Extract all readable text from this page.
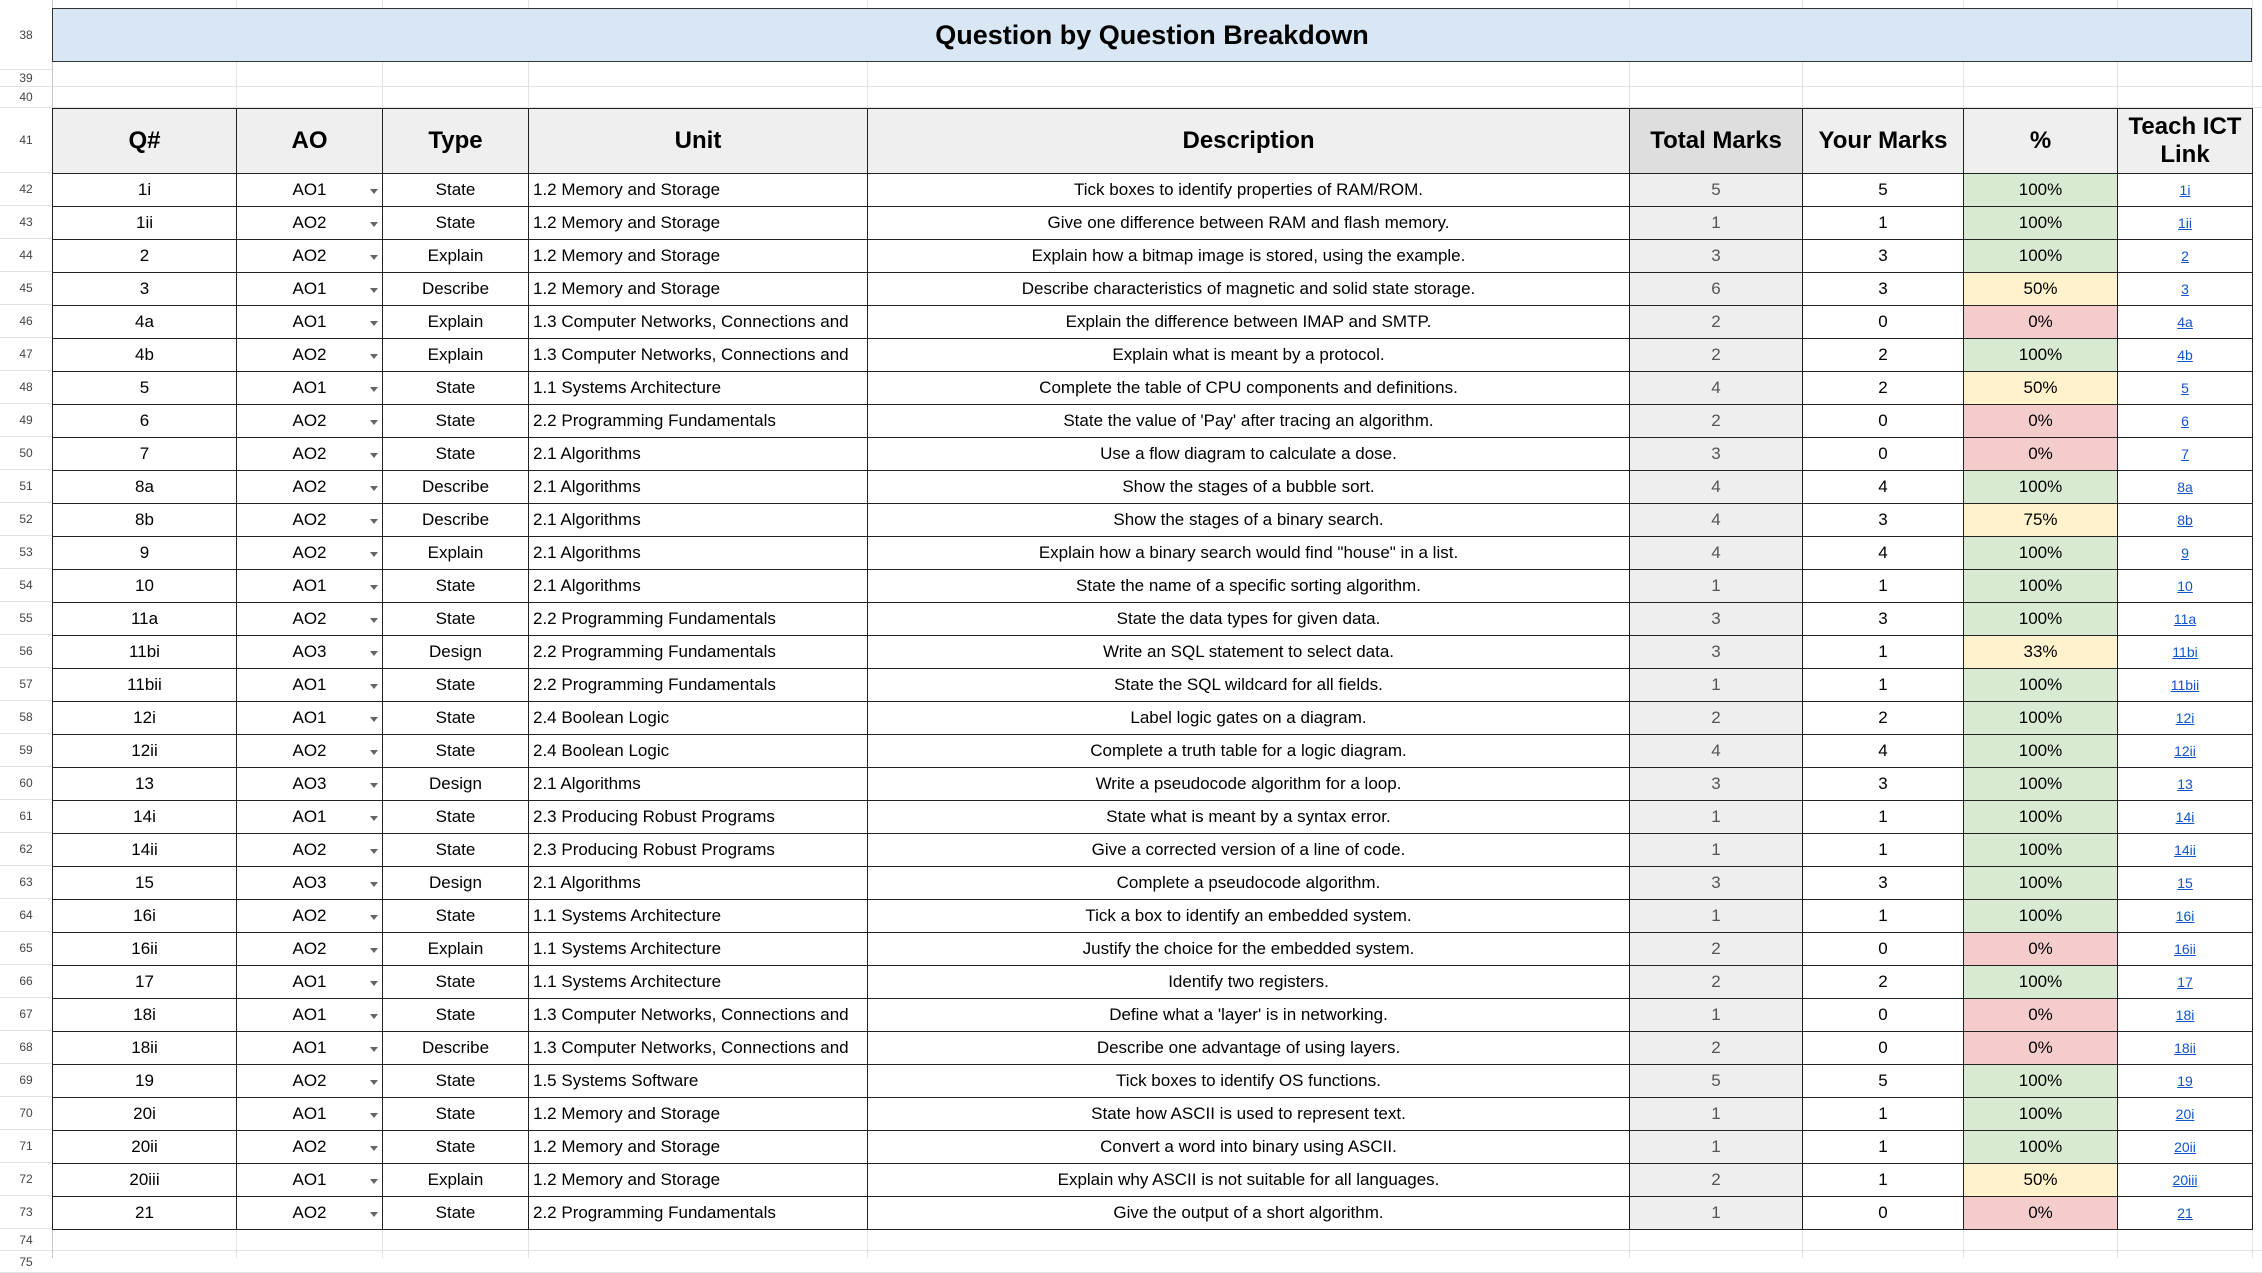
38
39
40
41
42
43
44
45
46
47
48
49
50
51
52
53
54
55
56
57
58
59
60
61
62
63
64
65
66
67
68
69
70
71
72
73
74
75
Question by Question Breakdown
Q#	AO	Type	Unit	Description	Total Marks	Your Marks	%	Teach ICT Link
1i	AO1	State	1.2 Memory and Storage	Tick boxes to identify properties of RAM/ROM.	5	5	100%	1i
1ii	AO2	State	1.2 Memory and Storage	Give one difference between RAM and flash memory.	1	1	100%	1ii
2	AO2	Explain	1.2 Memory and Storage	Explain how a bitmap image is stored, using the example.	3	3	100%	2
3	AO1	Describe	1.2 Memory and Storage	Describe characteristics of magnetic and solid state storage.	6	3	50%	3
4a	AO1	Explain	1.3 Computer Networks, Connections and	Explain the difference between IMAP and SMTP.	2	0	0%	4a
4b	AO2	Explain	1.3 Computer Networks, Connections and	Explain what is meant by a protocol.	2	2	100%	4b
5	AO1	State	1.1 Systems Architecture	Complete the table of CPU components and definitions.	4	2	50%	5
6	AO2	State	2.2 Programming Fundamentals	State the value of 'Pay' after tracing an algorithm.	2	0	0%	6
7	AO2	State	2.1 Algorithms	Use a flow diagram to calculate a dose.	3	0	0%	7
8a	AO2	Describe	2.1 Algorithms	Show the stages of a bubble sort.	4	4	100%	8a
8b	AO2	Describe	2.1 Algorithms	Show the stages of a binary search.	4	3	75%	8b
9	AO2	Explain	2.1 Algorithms	Explain how a binary search would find "house" in a list.	4	4	100%	9
10	AO1	State	2.1 Algorithms	State the name of a specific sorting algorithm.	1	1	100%	10
11a	AO2	State	2.2 Programming Fundamentals	State the data types for given data.	3	3	100%	11a
11bi	AO3	Design	2.2 Programming Fundamentals	Write an SQL statement to select data.	3	1	33%	11bi
11bii	AO1	State	2.2 Programming Fundamentals	State the SQL wildcard for all fields.	1	1	100%	11bii
12i	AO1	State	2.4 Boolean Logic	Label logic gates on a diagram.	2	2	100%	12i
12ii	AO2	State	2.4 Boolean Logic	Complete a truth table for a logic diagram.	4	4	100%	12ii
13	AO3	Design	2.1 Algorithms	Write a pseudocode algorithm for a loop.	3	3	100%	13
14i	AO1	State	2.3 Producing Robust Programs	State what is meant by a syntax error.	1	1	100%	14i
14ii	AO2	State	2.3 Producing Robust Programs	Give a corrected version of a line of code.	1	1	100%	14ii
15	AO3	Design	2.1 Algorithms	Complete a pseudocode algorithm.	3	3	100%	15
16i	AO2	State	1.1 Systems Architecture	Tick a box to identify an embedded system.	1	1	100%	16i
16ii	AO2	Explain	1.1 Systems Architecture	Justify the choice for the embedded system.	2	0	0%	16ii
17	AO1	State	1.1 Systems Architecture	Identify two registers.	2	2	100%	17
18i	AO1	State	1.3 Computer Networks, Connections and	Define what a 'layer' is in networking.	1	0	0%	18i
18ii	AO1	Describe	1.3 Computer Networks, Connections and	Describe one advantage of using layers.	2	0	0%	18ii
19	AO2	State	1.5 Systems Software	Tick boxes to identify OS functions.	5	5	100%	19
20i	AO1	State	1.2 Memory and Storage	State how ASCII is used to represent text.	1	1	100%	20i
20ii	AO2	State	1.2 Memory and Storage	Convert a word into binary using ASCII.	1	1	100%	20ii
20iii	AO1	Explain	1.2 Memory and Storage	Explain why ASCII is not suitable for all languages.	2	1	50%	20iii
21	AO2	State	2.2 Programming Fundamentals	Give the output of a short algorithm.	1	0	0%	21
